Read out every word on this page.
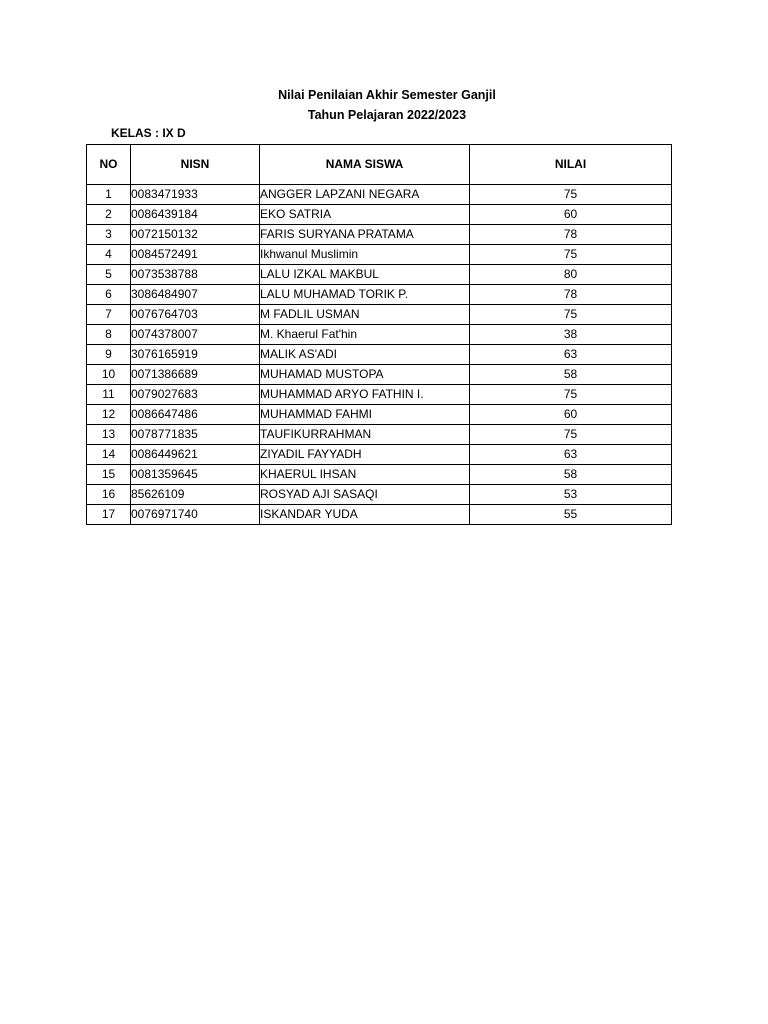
Nilai Penilaian Akhir Semester Ganjil
Tahun Pelajaran 2022/2023
KELAS : IX D
NO	NISN	NAMA SISWA	NILAI
1	0083471933	ANGGER LAPZANI NEGARA	75
2	0086439184	EKO SATRIA	60
3	0072150132	FARIS SURYANA PRATAMA	78
4	0084572491	Ikhwanul Muslimin	75
5	0073538788	LALU IZKAL MAKBUL	80
6	3086484907	LALU MUHAMAD TORIK P.	78
7	0076764703	M FADLIL USMAN	75
8	0074378007	M. Khaerul Fat'hin	38
9	3076165919	MALIK AS'ADI	63
10	0071386689	MUHAMAD MUSTOPA	58
11	0079027683	MUHAMMAD ARYO FATHIN I.	75
12	0086647486	MUHAMMAD FAHMI	60
13	0078771835	TAUFIKURRAHMAN	75
14	0086449621	ZIYADIL FAYYADH	63
15	0081359645	KHAERUL IHSAN	58
16	85626109	ROSYAD AJI SASAQI	53
17	0076971740	ISKANDAR YUDA	55
